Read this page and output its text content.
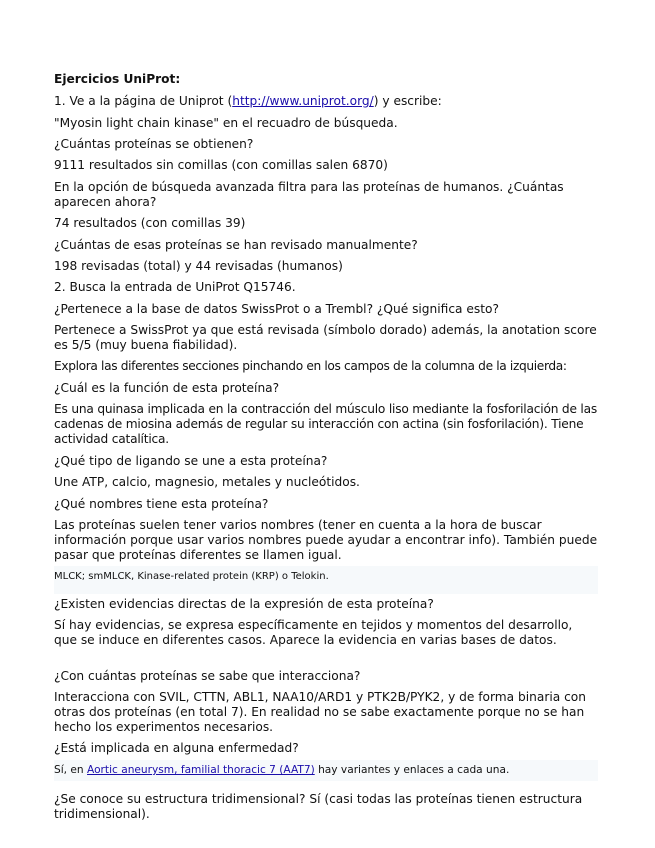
Ejercicios UniProt:
1. Ve a la página de Uniprot (http://www.uniprot.org/) y escribe:
"Myosin light chain kinase" en el recuadro de búsqueda.
¿Cuántas proteínas se obtienen?
9111 resultados sin comillas (con comillas salen 6870)
En la opción de búsqueda avanzada filtra para las proteínas de humanos. ¿Cuántas aparecen ahora?
74 resultados (con comillas 39)
¿Cuántas de esas proteínas se han revisado manualmente?
198 revisadas (total) y 44 revisadas (humanos)
2. Busca la entrada de UniProt Q15746.
¿Pertenece a la base de datos SwissProt o a Trembl? ¿Qué significa esto?
Pertenece a SwissProt ya que está revisada (símbolo dorado) además, la anotation score es 5/5 (muy buena fiabilidad).
Explora las diferentes secciones pinchando en los campos de la columna de la izquierda:
¿Cuál es la función de esta proteína?
Es una quinasa implicada en la contracción del músculo liso mediante la fosforilación de las cadenas de miosina además de regular su interacción con actina (sin fosforilación). Tiene actividad catalítica.
¿Qué tipo de ligando se une a esta proteína?
Une ATP, calcio, magnesio, metales y nucleótidos.
¿Qué nombres tiene esta proteína?
Las proteínas suelen tener varios nombres (tener en cuenta a la hora de buscar información porque usar varios nombres puede ayudar a encontrar info). También puede pasar que proteínas diferentes se llamen igual.
MLCK; smMLCK, Kinase-related protein (KRP) o Telokin.
¿Existen evidencias directas de la expresión de esta proteína?
Sí hay evidencias, se expresa específicamente en tejidos y momentos del desarrollo, que se induce en diferentes casos. Aparece la evidencia en varias bases de datos.
¿Con cuántas proteínas se sabe que interacciona?
Interacciona con SVIL, CTTN, ABL1, NAA10/ARD1 y PTK2B/PYK2, y de forma binaria con otras dos proteínas (en total 7). En realidad no se sabe exactamente porque no se han hecho los experimentos necesarios.
¿Está implicada en alguna enfermedad?
Sí, en Aortic aneurysm, familial thoracic 7 (AAT7) hay variantes y enlaces a cada una.
¿Se conoce su estructura tridimensional? Sí (casi todas las proteínas tienen estructura tridimensional).
